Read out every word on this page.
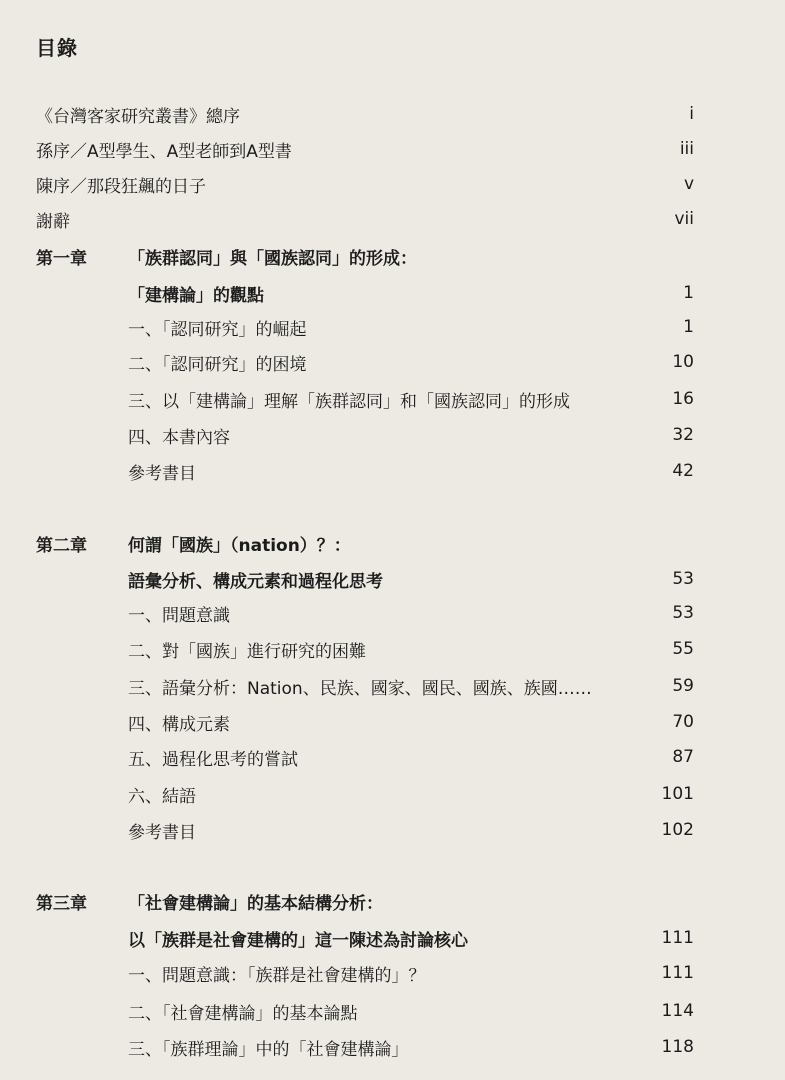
目錄
《台灣客家研究叢書》總序	i
孫序／A型學生、A型老師到A型書	iii
陳序／那段狂飆的日子	v
謝辭	vii
第一章	「族群認同」與「國族認同」的形成：
「建構論」的觀點	1
一、「認同研究」的崛起	1
二、「認同研究」的困境	10
三、以「建構論」理解「族群認同」和「國族認同」的形成	16
四、本書內容	32
參考書目	42
第二章	何謂「國族」（nation）？：
語彙分析、構成元素和過程化思考	53
一、問題意識	53
二、對「國族」進行研究的困難	55
三、語彙分析：Nation、民族、國家、國民、國族、族國……	59
四、構成元素	70
五、過程化思考的嘗試	87
六、結語	101
參考書目	102
第三章	「社會建構論」的基本結構分析：
以「族群是社會建構的」這一陳述為討論核心	111
一、問題意識：「族群是社會建構的」？	111
二、「社會建構論」的基本論點	114
三、「族群理論」中的「社會建構論」	118
